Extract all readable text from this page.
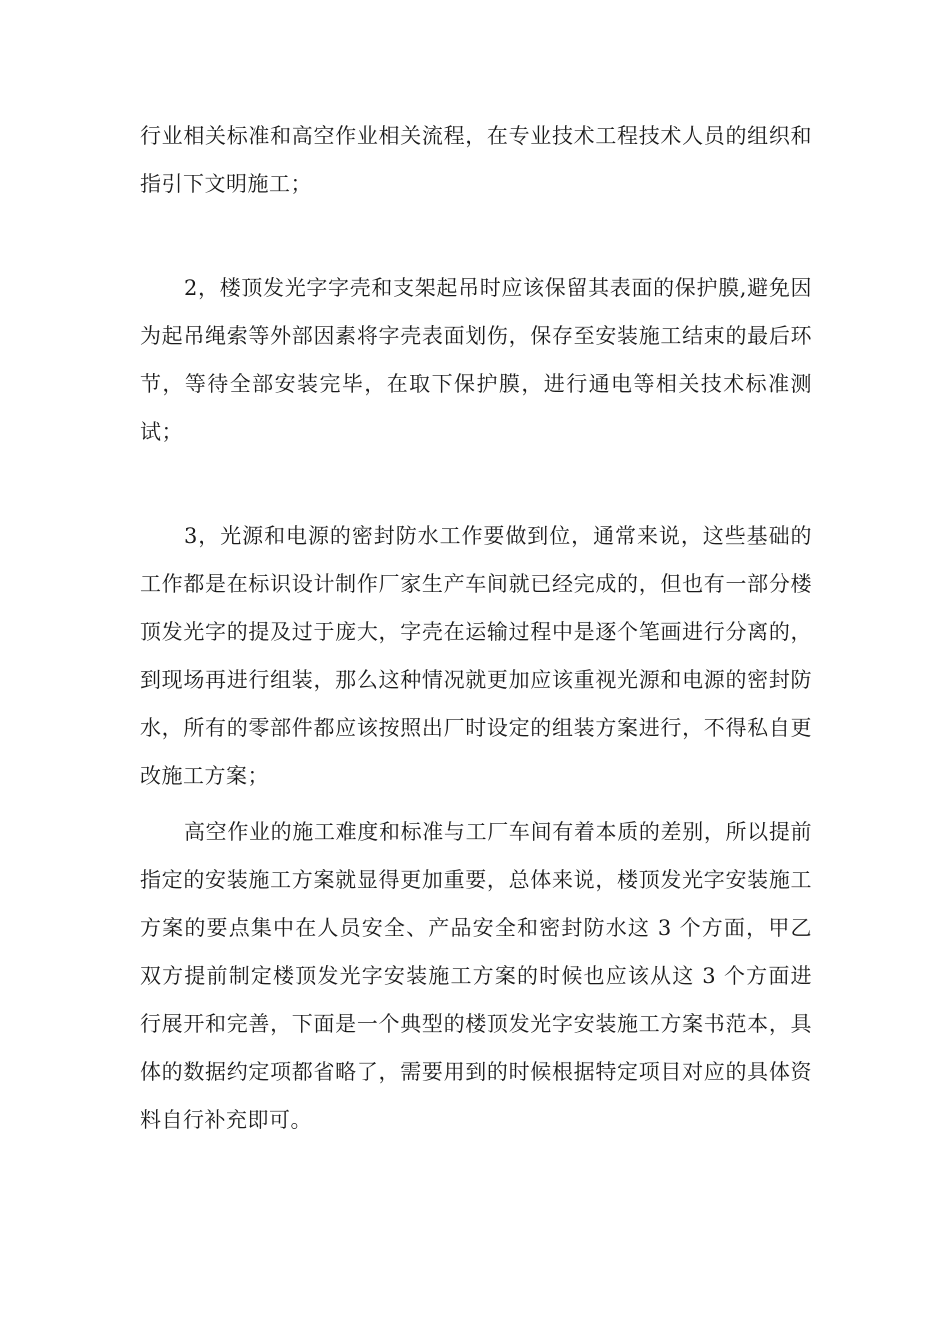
行业相关标准和高空作业相关流程，在专业技术工程技术人员的组织和指引下文明施工；

2，楼顶发光字字壳和支架起吊时应该保留其表面的保护膜,避免因为起吊绳索等外部因素将字壳表面划伤，保存至安装施工结束的最后环节，等待全部安装完毕，在取下保护膜，进行通电等相关技术标准测试；

3，光源和电源的密封防水工作要做到位，通常来说，这些基础的工作都是在标识设计制作厂家生产车间就已经完成的，但也有一部分楼顶发光字的提及过于庞大，字壳在运输过程中是逐个笔画进行分离的，到现场再进行组装，那么这种情况就更加应该重视光源和电源的密封防水，所有的零部件都应该按照出厂时设定的组装方案进行，不得私自更改施工方案；

高空作业的施工难度和标准与工厂车间有着本质的差别，所以提前指定的安装施工方案就显得更加重要，总体来说，楼顶发光字安装施工方案的要点集中在人员安全、产品安全和密封防水这 3 个方面，甲乙双方提前制定楼顶发光字安装施工方案的时候也应该从这 3 个方面进行展开和完善，下面是一个典型的楼顶发光字安装施工方案书范本，具体的数据约定项都省略了，需要用到的时候根据特定项目对应的具体资料自行补充即可。
